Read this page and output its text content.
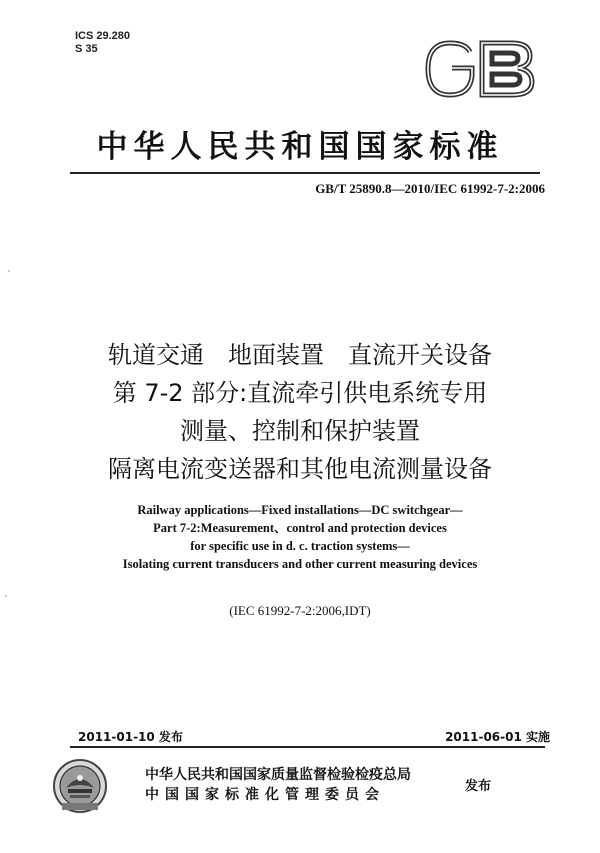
ICS 29.280
S 35
中华人民共和国国家标准
GB/T 25890.8—2010/IEC 61992-7-2:2006
轨道交通　地面装置　直流开关设备
第 7-2 部分:直流牵引供电系统专用
测量、控制和保护装置
隔离电流变送器和其他电流测量设备
Railway applications—Fixed installations—DC switchgear—
Part 7-2:Measurement、control and protection devices
for specific use in d. c. traction systems—
Isolating current transducers and other current measuring devices
(IEC 61992-7-2:2006,IDT)
2011-01-10 发布	2011-06-01 实施
中华人民共和国国家质量监督检验检疫总局
中国国家标准化管理委员会
发布
